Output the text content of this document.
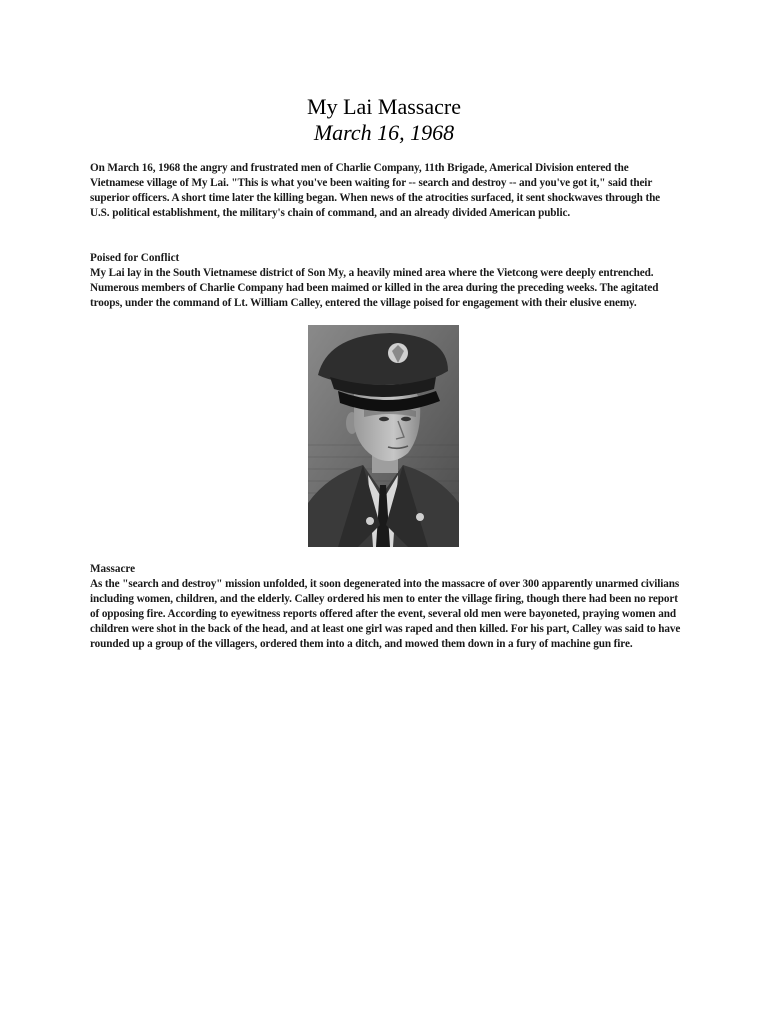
My Lai Massacre
March 16, 1968

On March 16, 1968 the angry and frustrated men of Charlie Company, 11th Brigade, Americal Division entered the Vietnamese village of My Lai. "This is what you've been waiting for -- search and destroy -- and you've got it," said their superior officers. A short time later the killing began. When news of the atrocities surfaced, it sent shockwaves through the U.S. political establishment, the military's chain of command, and an already divided American public.

Poised for Conflict

My Lai lay in the South Vietnamese district of Son My, a heavily mined area where the Vietcong were deeply entrenched. Numerous members of Charlie Company had been maimed or killed in the area during the preceding weeks. The agitated troops, under the command of Lt. William Calley, entered the village poised for engagement with their elusive enemy.

Massacre

As the "search and destroy" mission unfolded, it soon degenerated into the massacre of over 300 apparently unarmed civilians including women, children, and the elderly. Calley ordered his men to enter the village firing, though there had been no report of opposing fire. According to eyewitness reports offered after the event, several old men were bayoneted, praying women and children were shot in the back of the head, and at least one girl was raped and then killed. For his part, Calley was said to have rounded up a group of the villagers, ordered them into a ditch, and mowed them down in a fury of machine gun fire.
